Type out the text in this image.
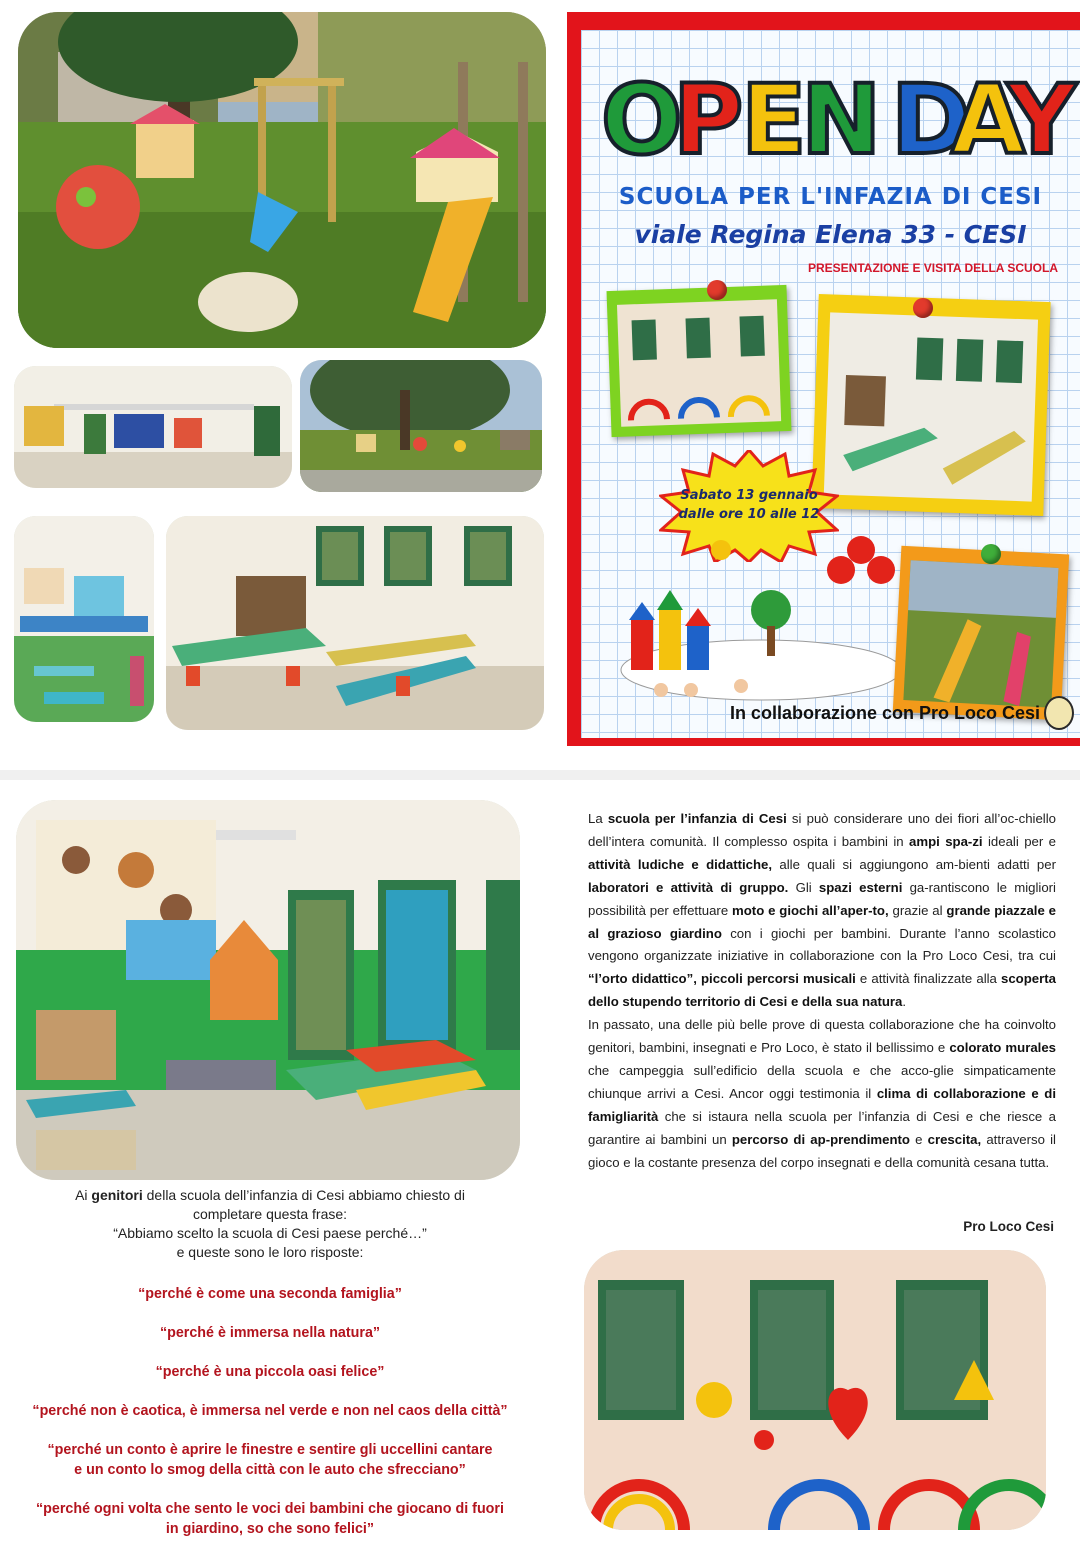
O
P
E
N D
A
Y
SCUOLA PER L'INFAZIA DI CESI
viale Regina Elena 33 - CESI
PRESENTAZIONE E VISITA DELLA SCUOLA
Sabato 13 gennaio
dalle ore 10 alle 12
In collaborazione con Pro Loco Cesi
Ai genitori della scuola dell’infanzia di Cesi abbiamo chiesto di
completare questa frase:
“Abbiamo scelto la scuola di Cesi paese perché…”
e queste sono le loro risposte:
“perché è come una seconda famiglia”
“perché è immersa nella natura”
“perché è una piccola oasi felice”
“perché non è caotica, è immersa nel verde e non nel caos della città”
“perché un conto è aprire le finestre e sentire gli uccellini cantare
e un conto lo smog della città con le auto che sfrecciano”
“perché ogni volta che sento le voci dei bambini che giocano di fuori
in giardino, so che sono felici”

La scuola per l’infanzia di Cesi si può considerare uno dei fiori all’oc-chiello dell’intera comunità. Il complesso ospita i bambini in ampi spa-zi ideali per e attività ludiche e didattiche, alle quali si aggiungono am-bienti adatti per laboratori e attività di gruppo. Gli spazi esterni ga-rantiscono le migliori possibilità per effettuare moto e giochi all’aper-to, grazie al grande piazzale e al grazioso giardino con i giochi per bambini. Durante l’anno scolastico vengono organizzate iniziative in collaborazione con la Pro Loco Cesi, tra cui “l’orto didattico”, piccoli percorsi musicali e attività finalizzate alla scoperta dello stupendo territorio di Cesi e della sua natura.

In passato, una delle più belle prove di questa collaborazione che ha coinvolto genitori, bambini, insegnati e Pro Loco, è stato il bellissimo e colorato murales che campeggia sull’edificio della scuola e che acco-glie simpaticamente chiunque arrivi a Cesi. Ancor oggi testimonia il clima di collaborazione e di famigliarità che si istaura nella scuola per l’infanzia di Cesi e che riesce a garantire ai bambini un percorso di ap-prendimento e crescita, attraverso il gioco e la costante presenza del corpo insegnati e della comunità cesana tutta.

Pro Loco Cesi
